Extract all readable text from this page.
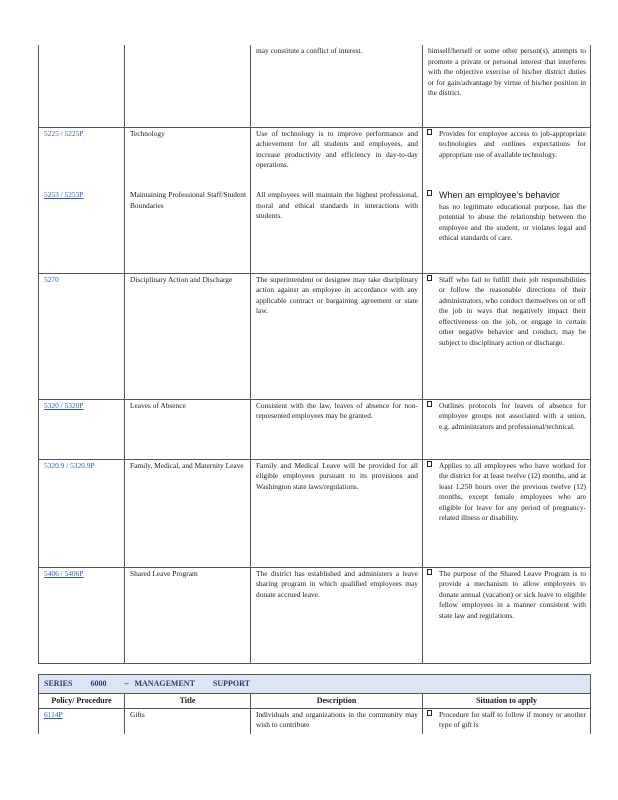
		may constitute a conflict of interest.	himself/herself or some other person(s), attempts to promote a private or personal interest that interferes with the objective exercise of his/her district duties or for gain/advantage by virtue of his/her position in the district.
5225 / 5225P	Technology	Use of technology is to improve performance and achievement for all students and employees, and increase productivity and efficiency in day-to-day operations.	Provides for employee access to job-appropriate technologies and outlines expectations for appropriate use of available technology.
5253 / 5253P	Maintaining Professional Staff/Student Boundaries	All employees will maintain the highest professional, moral and ethical standards in interactions with students.	When an employee’s behavior
has no legitimate educational purpose, has the potential to abuse the relationship between the employee and the student, or violates legal and ethical standards of care.
5270	Disciplinary Action and Discharge	The superintendent or designee may take disciplinary action against an employee in accordance with any applicable contract or bargaining agreement or state law.	Staff who fail to fulfill their job responsibilities or follow the reasonable directions of their administrators, who conduct themselves on or off the job in ways that negatively impact their effectiveness on the job, or engage in certain other negative behavior and conduct, may be subject to disciplinary action or discharge.
5320 / 5320P	Leaves of Absence	Consistent with the law, leaves of absence for non-represented employees may be granted.	Outlines protocols for leaves of absence for employee groups not associated with a union, e.g. administrators and professional/technical.
5320.9 / 5320.9P	Family, Medical, and Maternity Leave	Family and Medical Leave will be provided for all eligible employees pursuant to its provisions and Washington state laws/regulations.	Applies to all employees who have worked for the district for at least twelve (12) months, and at least 1,250 hours over the previous twelve (12) months, except female employees who are eligible for leave for any period of pregnancy-related illness or disability.
5406 / 5406P	Shared Leave Program	The district has established and administers a leave sharing program in which qualified employees may donate accrued leave.	The purpose of the Shared Leave Program is to provide a mechanism to allow employees to donate annual (vacation) or sick leave to eligible fellow employees in a manner consistent with state law and regulations.
SERIES 6000 – MANAGEMENT SUPPORT			
Policy/ Procedure	Title	Description	Situation to apply
6114P	Gifts	Individuals and organizations in the community may wish to contribute	Procedure for staff to follow if money or another type of gift is
